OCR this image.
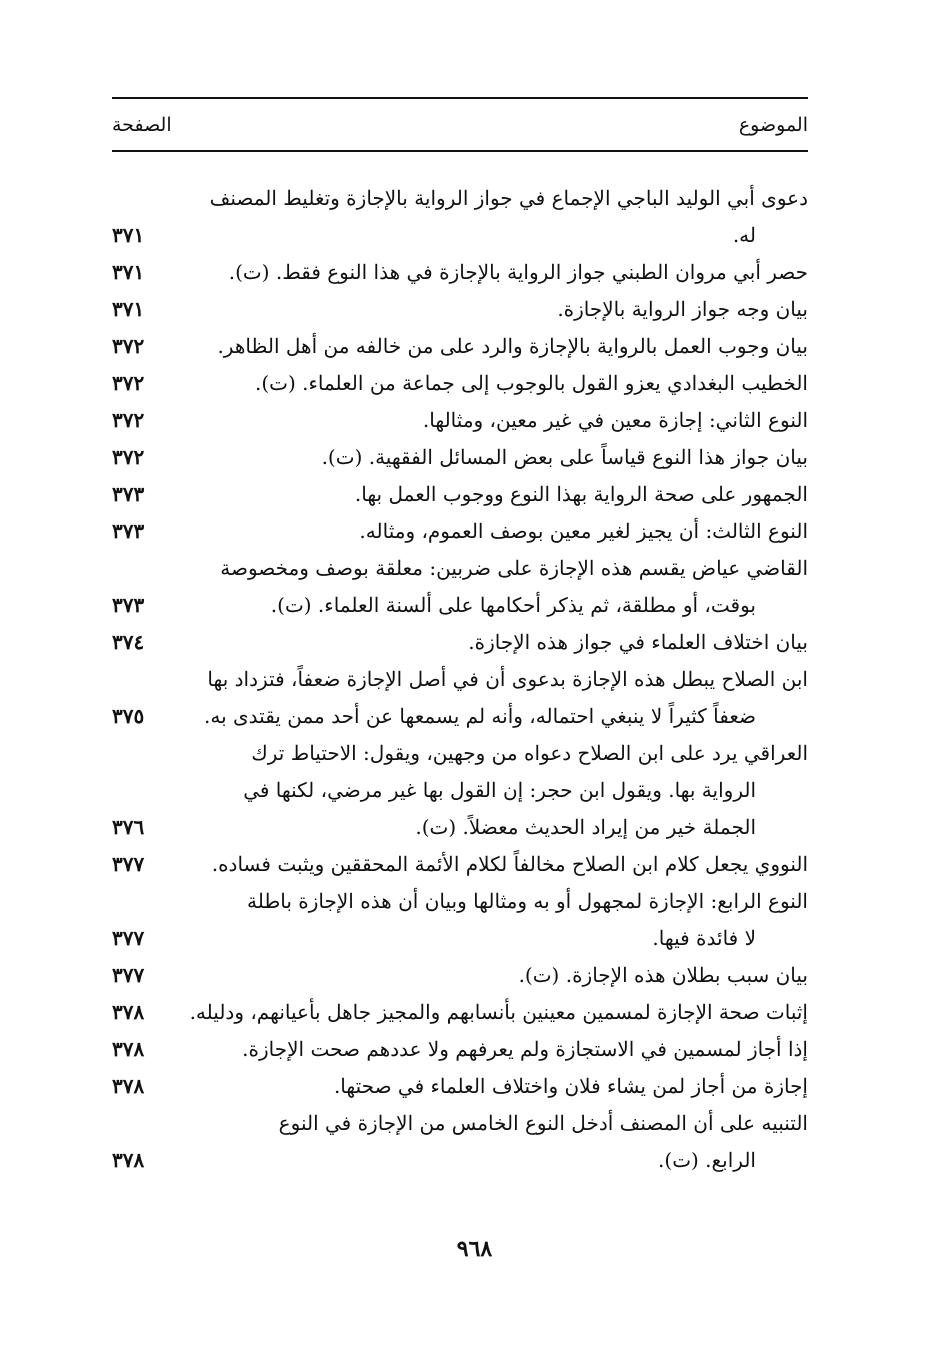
الموضوع
الصفحة
دعوى أبي الوليد الباجي الإجماع في جواز الرواية بالإجازة وتغليط المصنف
له.
٣٧١
حصر أبي مروان الطبني جواز الرواية بالإجازة في هذا النوع فقط. (ت).
٣٧١
بيان وجه جواز الرواية بالإجازة.
٣٧١
بيان وجوب العمل بالرواية بالإجازة والرد على من خالفه من أهل الظاهر.
٣٧٢
الخطيب البغدادي يعزو القول بالوجوب إلى جماعة من العلماء. (ت).
٣٧٢
النوع الثاني: إجازة معين في غير معين، ومثالها.
٣٧٢
بيان جواز هذا النوع قياساً على بعض المسائل الفقهية. (ت).
٣٧٢
الجمهور على صحة الرواية بهذا النوع ووجوب العمل بها.
٣٧٣
النوع الثالث: أن يجيز لغير معين بوصف العموم، ومثاله.
٣٧٣
القاضي عياض يقسم هذه الإجازة على ضربين: معلقة بوصف ومخصوصة
بوقت، أو مطلقة، ثم يذكر أحكامها على ألسنة العلماء. (ت).
٣٧٣
بيان اختلاف العلماء في جواز هذه الإجازة.
٣٧٤
ابن الصلاح يبطل هذه الإجازة بدعوى أن في أصل الإجازة ضعفاً، فتزداد بها
ضعفاً كثيراً لا ينبغي احتماله، وأنه لم يسمعها عن أحد ممن يقتدى به.
٣٧٥
العراقي يرد على ابن الصلاح دعواه من وجهين، ويقول: الاحتياط ترك
الرواية بها. ويقول ابن حجر: إن القول بها غير مرضي، لكنها في
الجملة خير من إيراد الحديث معضلاً. (ت).
٣٧٦
النووي يجعل كلام ابن الصلاح مخالفاً لكلام الأئمة المحققين ويثبت فساده.
٣٧٧
النوع الرابع: الإجازة لمجهول أو به ومثالها وبيان أن هذه الإجازة باطلة
لا فائدة فيها.
٣٧٧
بيان سبب بطلان هذه الإجازة. (ت).
٣٧٧
إثبات صحة الإجازة لمسمين معينين بأنسابهم والمجيز جاهل بأعيانهم، ودليله.
٣٧٨
إذا أجاز لمسمين في الاستجازة ولم يعرفهم ولا عددهم صحت الإجازة.
٣٧٨
إجازة من أجاز لمن يشاء فلان واختلاف العلماء في صحتها.
٣٧٨
التنبيه على أن المصنف أدخل النوع الخامس من الإجازة في النوع
الرابع. (ت).
٣٧٨
٩٦٨
